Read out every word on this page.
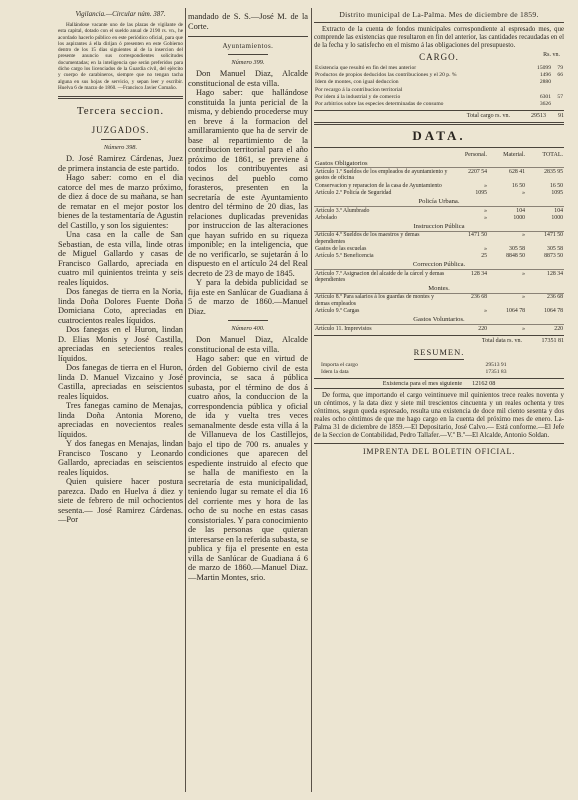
Vigilancia.—Circular núm. 387.
Hallándose vacante uno de las plazas de vigilante de esta capital, dotado con el sueldo anual de 2190 rs. vn., he acordado hacerlo público en este periódico oficial, para que los aspirantes á ella dirijan ó presenten en este Gobierno dentro de los 15 dias siguientes al de la insercion del presente anuncio sus correspondientes solicitudes documentadas; en la inteligencia que serán preferidos para dicho cargo los licenciados de la Guardia civil, del ejército y cuerpo de carabineros, siempre que no tengan tacha alguna en sus hojas de servicio, y sepan leer y escribir. Huelva 6 de marzo de 1860. —Francisco Javier Comaño.
Tercera seccion.
JUZGADOS.
Número 398.
D. José Ramirez Cárdenas, Juez de primera instancia de este partido.
Hago saber: como en el dia catorce del mes de marzo próximo, de diez á doce de su mañana, se han de rematar en el mejor postor los bienes de la testamentaría de Agustin del Castillo, y son los siguientes:
Una casa en la calle de San Sebastian, de esta villa, linde otras de Miguel Gallardo y casas de Francisco Gallardo, apreciada en cuatro mil quinientos treinta y seis reales líquidos.
Dos fanegas de tierra en la Noria, linda Doña Dolores Fuente Doña Domiciana Coto, apreciadas en cuatrocientos reales líquidos.
Dos fanegas en el Huron, lindan D. Elias Monis y José Castilla, apreciadas en setecientos reales líquidos.
Dos fanegas de tierra en el Huron, linda D. Manuel Vizcaino y José Castilla, apreciadas en seiscientos reales líquidos.
Tres fanegas camino de Menajas, linda Doña Antonia Moreno, apreciadas en novecientos reales líquidos.
Y dos fanegas en Menajas, lindan Francisco Toscano y Leonardo Gallardo, apreciadas en seiscientos reales líquidos.
Quien quisiere hacer postura parezca. Dado en Huelva á diez y siete de febrero de mil ochocientos sesenta.— José Ramirez Cárdenas.—Por
mandado de S. S.—José M. de la Corte.
Ayuntamientos.
Número 399.
Don Manuel Diaz, Alcalde constitucional de esta villa.
Hago saber: que hallándose constituida la junta pericial de la misma, y debiendo procederse muy en breve á la formacion del amillaramiento que ha de servir de base al repartimiento de la contribucion territorial para el año próximo de 1861, se previene á todos los contribuyentes asi vecinos del pueblo como forasteros, presenten en la secretaría de este Ayuntamiento dentro del término de 20 dias, las relaciones duplicadas prevenidas por instruccion de las alteraciones que hayan sufrido en su riqueza imponible; en la inteligencia, que de no verificarlo, se sujetarán á lo dispuesto en el artículo 24 del Real decreto de 23 de mayo de 1845.
Y para la debida publicidad se fija este en Sanlúcar de Guadiana á 5 de marzo de 1860.—Manuel Diaz.
Número 400.
Don Manuel Diaz, Alcalde constitucional de esta villa.
Hago saber: que en virtud de órden del Gobierno civil de esta provincia, se saca á pública subasta, por el término de dos á cuatro años, la conduccion de la correspondencia pública y oficial de ida y vuelta tres veces semanalmente desde esta villa á la de Villanueva de los Castillejos, bajo el tipo de 700 rs. anuales y condiciones que aparecen del espediente instruido al efecto que se halla de manifiesto en la secretaría de esta municipalidad, teniendo lugar su remate el dia 16 del corriente mes y hora de las ocho de su noche en estas casas consistoriales. Y para conocimiento de las personas que quieran interesarse en la referida subasta, se publica y fija el presente en esta villa de Sanlúcar de Guadiana á 6 de marzo de 1860.—Manuel Diaz.—Martin Montes, srio.
Distrito municipal de La-Palma. Mes de diciembre de 1859.
Extracto de la cuenta de fondos municipales correspondiente al espresado mes, que comprende las existencias que resultaron en fin del anterior, las cantidades recaudadas en el de la fecha y lo satisfecho en el mismo á las obligaciones del presupuesto.
CARGO.	Rs. vn.
Existencia que resultó en fin del mes anterior	15099	79
Productos de propios deducidos las contribuciones y el 20 p. %	1496	66
Idem de montes, con igual deduccion	2880	
Por recargo á la contribucion territorial		
Por idem á la industrial y de comercio	6301	57
Por arbitrios sobre las especies determinadas de consumo	3626	
Total cargo rs. vn.	29513	91
DATA.
	Personal.	Material.	TOTAL.
Gastos Obligatorios			
Artículo 1.º Sueldos de los empleados de ayuntamiento y gastos de oficina	2207 54	628 41	2835 95
Conservacion y reparacion de la casa de Ayuntamiento	»	16 50	16 50
Artículo 2.º Policía de Seguridad	1095	»	1095
Policía Urbana.			
Artículo 3.º Alumbrado	»	104	104
Arbolado	»	1000	1000
Instruccion Pública			
Artículo 4.º Sueldos de los maestros y demas dependientes	1471 50	»	1471 50
Gastos de las escuelas	»	305 58	305 58
Artículo 5.º Beneficencia	25	8848 50	8873 50
Correccion Pública.			
Artículo 7.º Asignacion del alcaide de la cárcel y demas dependientes	128 34	»	128 34
Montes.			
Artículo 8.º Para salarios á los guardas de montes y demas empleados	236 68	»	236 68
Artículo 9.º Cargas	»	1064 78	1064 78
Gastos Voluntarios.			
Artículo 11. Imprevistos	220	»	220
Total data rs. vn.	17351 81
RESUMEN.
Importa el cargo	29513 91
Idem la data	17351 83
Existencia para el mes siguiente 12162 08
De forma, que importando el cargo veintinueve mil quinientos trece reales noventa y un céntimos, y la data diez y siete mil trescientos cincuenta y un reales ochenta y tres céntimos, segun queda espresado, resulta una existencia de doce mil ciento sesenta y dos reales ocho céntimos de que me hago cargo en la cuenta del próximo mes de enero. La-Palma 31 de diciembre de 1859.—El Depositario, José Calvo.— Está conforme.—El Jefe de la Seccion de Contabilidad, Pedro Tallafer.—V.º B.º—El Alcalde, Antonio Soldan.
IMPRENTA DEL BOLETIN OFICIAL.
